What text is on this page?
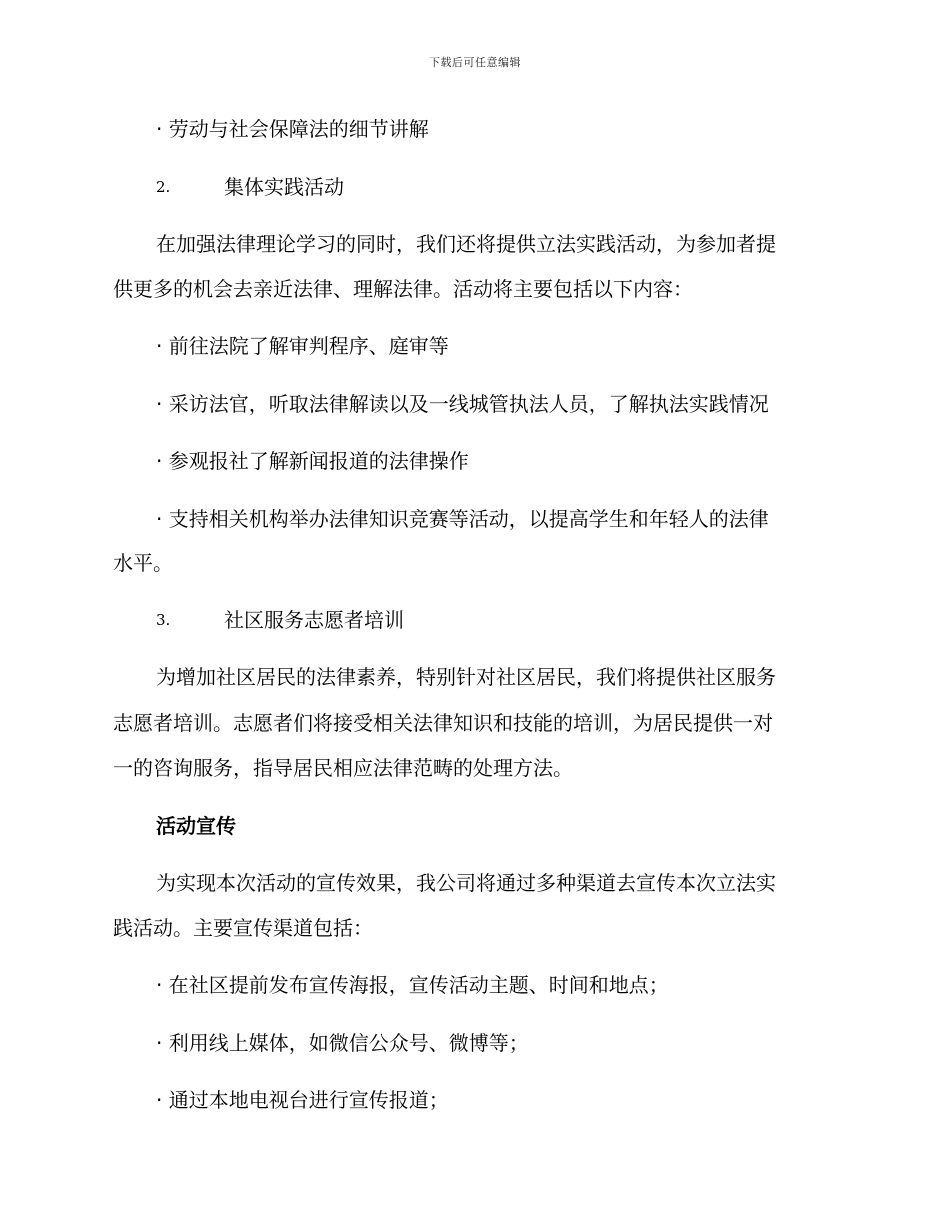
下载后可任意编辑
· 劳动与社会保障法的细节讲解
2.	集体实践活动
在加强法律理论学习的同时，我们还将提供立法实践活动，为参加者提
供更多的机会去亲近法律、理解法律。活动将主要包括以下内容：
· 前往法院了解审判程序、庭审等
· 采访法官，听取法律解读以及一线城管执法人员，了解执法实践情况
· 参观报社了解新闻报道的法律操作
· 支持相关机构举办法律知识竞赛等活动，以提高学生和年轻人的法律
水平。
3.	社区服务志愿者培训
为增加社区居民的法律素养，特别针对社区居民，我们将提供社区服务
志愿者培训。志愿者们将接受相关法律知识和技能的培训，为居民提供一对
一的咨询服务，指导居民相应法律范畴的处理方法。
活动宣传
为实现本次活动的宣传效果，我公司将通过多种渠道去宣传本次立法实
践活动。主要宣传渠道包括：
· 在社区提前发布宣传海报，宣传活动主题、时间和地点；
· 利用线上媒体，如微信公众号、微博等；
· 通过本地电视台进行宣传报道；
